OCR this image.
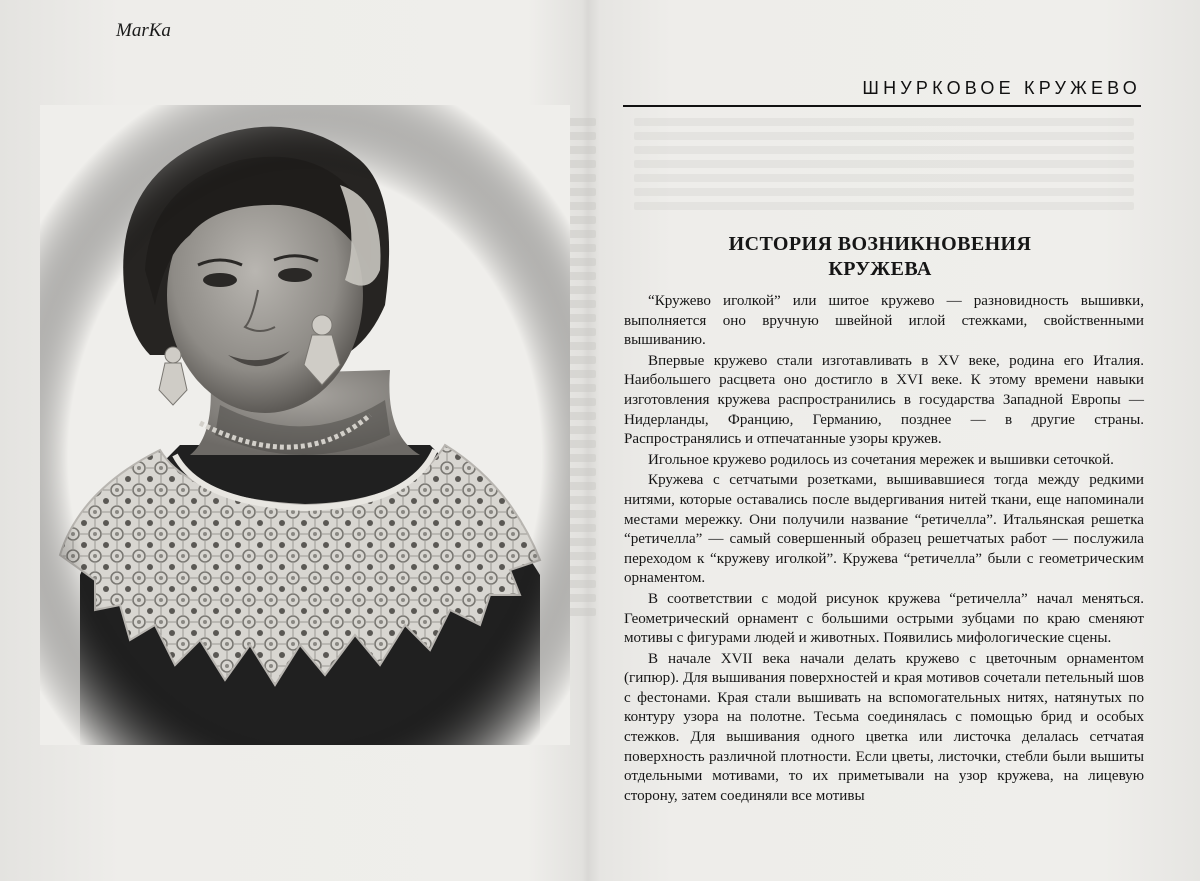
MarKa
ШНУРКОВОЕ КРУЖЕВО
ИСТОРИЯ ВОЗНИКНОВЕНИЯ
КРУЖЕВА

“Кружево иголкой” или шитое кружево — разновидность вышивки, выполняется оно вручную швейной иглой стежками, свойственными вышиванию.

Впервые кружево стали изготавливать в XV веке, родина его Италия. Наибольшего расцвета оно достигло в XVI веке. К этому времени навыки изготовления кружева распространились в государства Западной Европы — Нидерланды, Францию, Германию, позднее — в другие страны. Распространялись и отпечатанные узоры кружев.

Игольное кружево родилось из сочетания мережек и вышивки сеточкой.

Кружева с сетчатыми розетками, вышивавшиеся тогда между редкими нитями, которые оставались после выдергивания нитей ткани, еще напоминали местами мережку. Они получили название “ретичелла”. Итальянская решетка “ретичелла” — самый совершенный образец решетчатых работ — послужила переходом к “кружеву иголкой”. Кружева “ретичелла” были с геометрическим орнаментом.

В соответствии с модой рисунок кружева “ретичелла” начал меняться. Геометрический орнамент с большими острыми зубцами по краю сменяют мотивы с фигурами людей и животных. Появились мифологические сцены.

В начале XVII века начали делать кружево с цветочным орнаментом (гипюр). Для вышивания поверхностей и края мотивов сочетали петельный шов с фестонами. Края стали вышивать на вспомогательных нитях, натянутых по контуру узора на полотне. Тесьма соединялась с помощью брид и особых стежков. Для вышивания одного цветка или листочка делалась сетчатая поверхность различной плотности. Если цветы, листочки, стебли были вышиты отдельными мотивами, то их приметывали на узор кружева, на лицевую сторону, затем соединяли все мотивы
